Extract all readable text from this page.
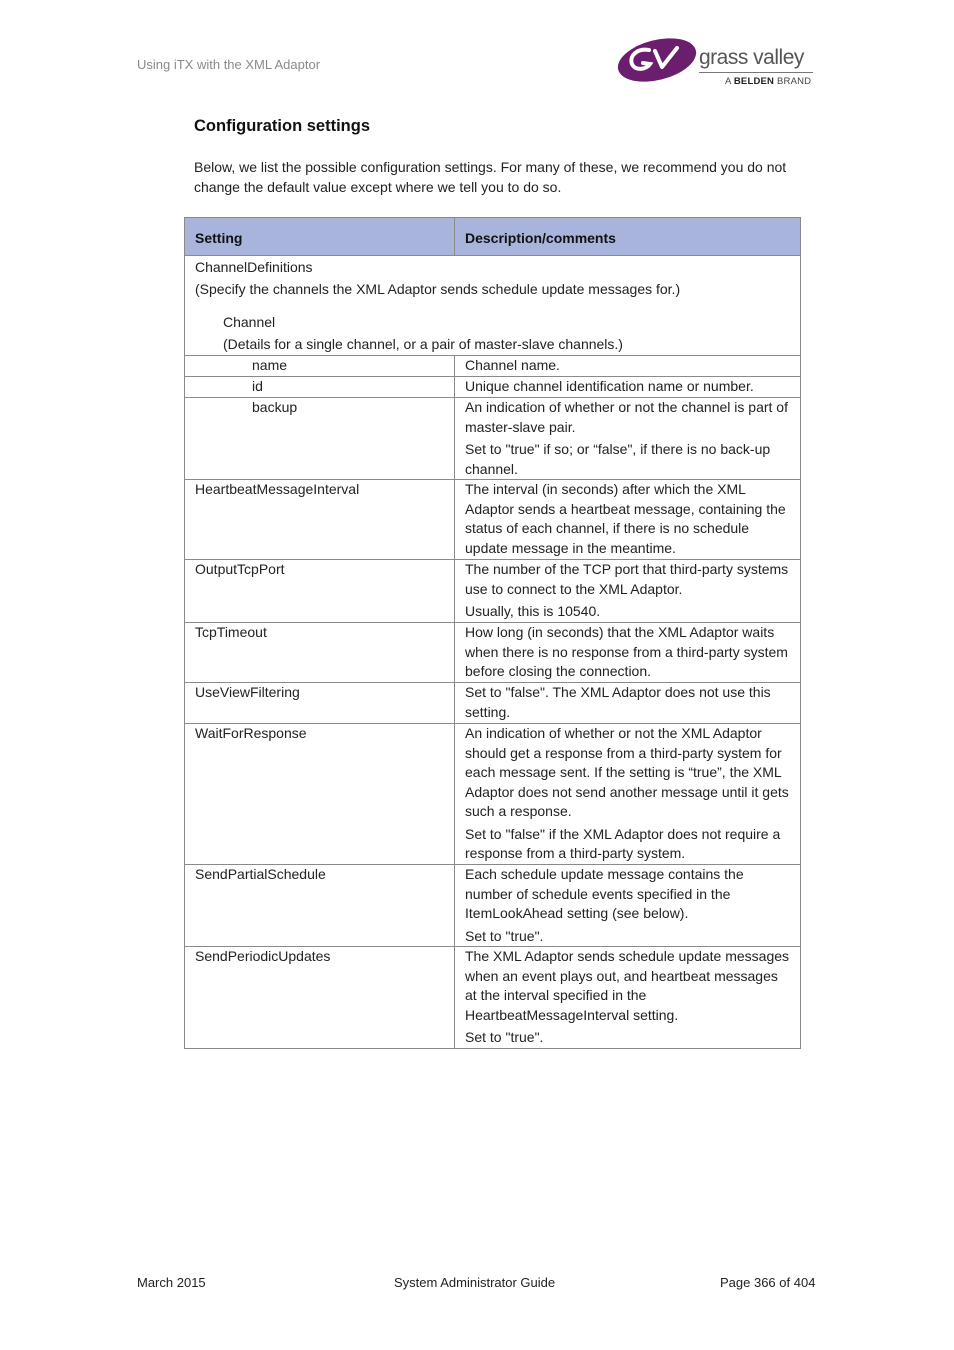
Using iTX with the XML Adaptor	grass valley
A BELDEN BRAND
Configuration settings
Below, we list the possible configuration settings. For many of these, we recommend you do not change the default value except where we tell you to do so.
Setting	Description/comments

ChannelDefinitions
(Specify the channels the XML Adaptor sends schedule update messages for.)
Channel
(Details for a single channel, or a pair of master-slave channels.)	

name	Channel name.

id	Unique channel identification name or number.

backup	An indication of whether or not the channel is part of master-slave pair.

Set to "true" if so; or “false", if there is no back-up channel.

HeartbeatMessageInterval	The interval (in seconds) after which the XML Adaptor sends a heartbeat message, containing the status of each channel, if there is no schedule update message in the meantime.

OutputTcpPort	The number of the TCP port that third-party systems use to connect to the XML Adaptor.

Usually, this is 10540.

TcpTimeout	How long (in seconds) that the XML Adaptor waits when there is no response from a third-party system before closing the connection.

UseViewFiltering	Set to "false". The XML Adaptor does not use this setting.

WaitForResponse	An indication of whether or not the XML Adaptor should get a response from a third-party system for each message sent. If the setting is “true”, the XML Adaptor does not send another message until it gets such a response.

Set to "false" if the XML Adaptor does not require a response from a third-party system.

SendPartialSchedule	Each schedule update message contains the number of schedule events specified in the ItemLookAhead setting (see below).

Set to "true".

SendPeriodicUpdates	The XML Adaptor sends schedule update messages when an event plays out, and heartbeat messages at the interval specified in the HeartbeatMessageInterval setting.

Set to "true".

March 2015	System Administrator Guide	Page 366 of 404
